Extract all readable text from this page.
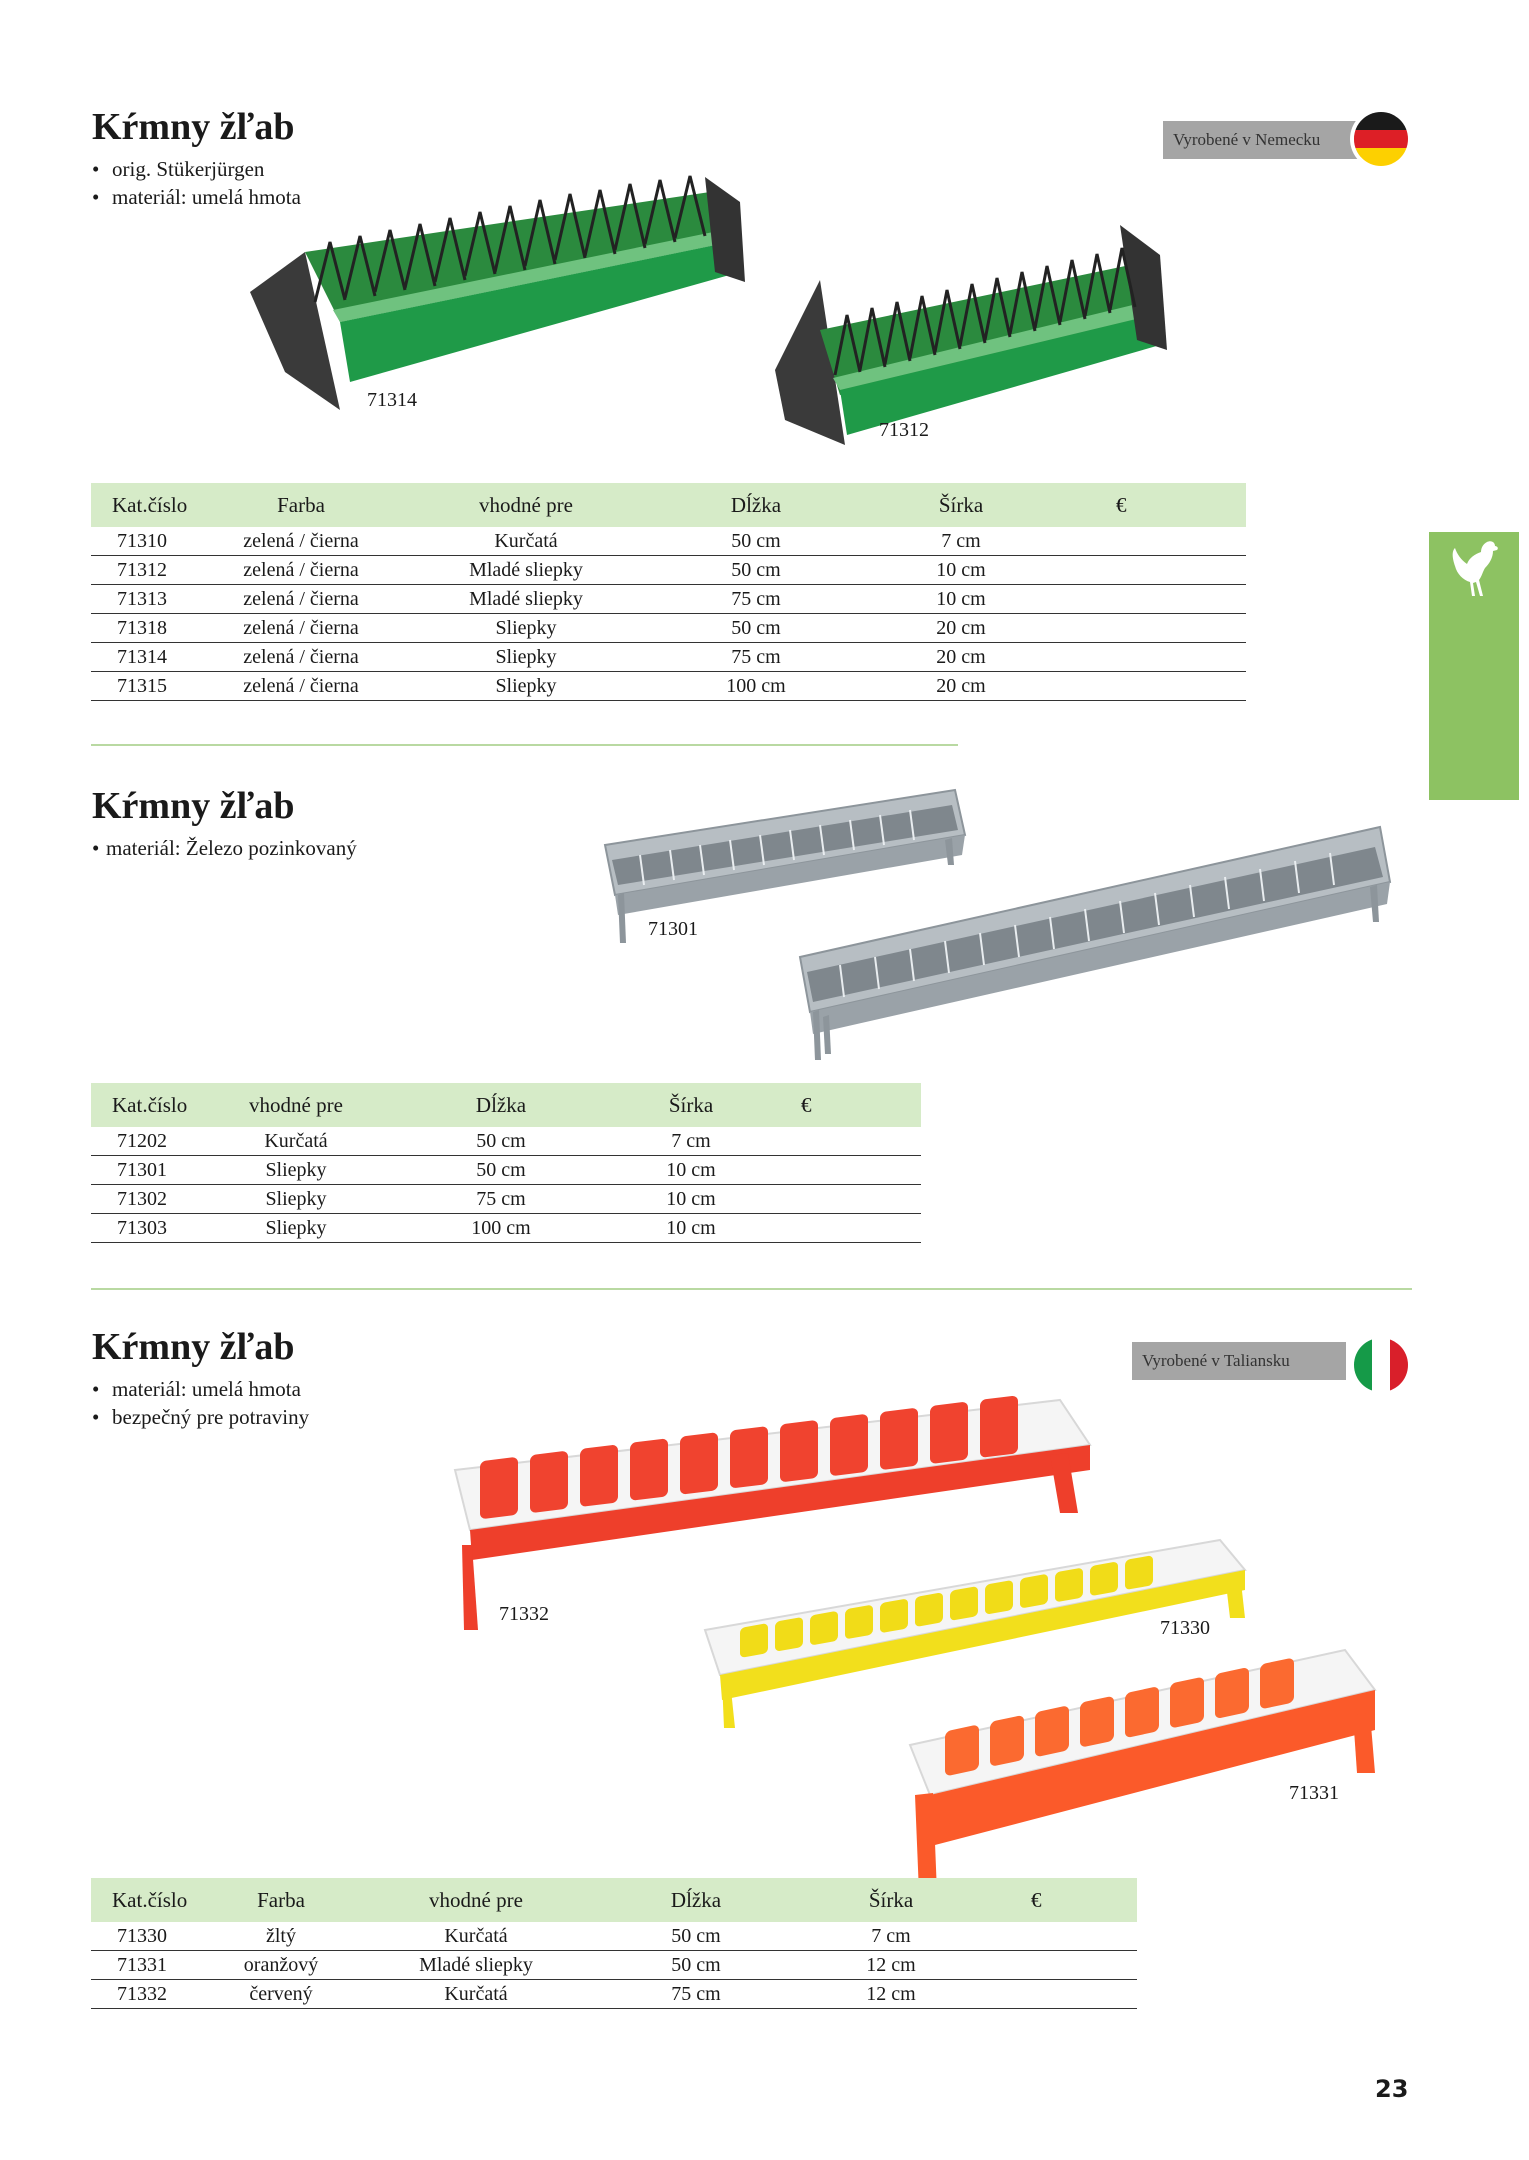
Kŕmny žľab
• orig. Stükerjürgen
• materiál: umelá hmota
Vyrobené v Nemecku
71314
71312
Kat.číslo	Farba	vhodné pre	Dĺžka	Šírka	€
71310	zelená / čierna	Kurčatá	50 cm	7 cm	
71312	zelená / čierna	Mladé sliepky	50 cm	10 cm	
71313	zelená / čierna	Mladé sliepky	75 cm	10 cm	
71318	zelená / čierna	Sliepky	50 cm	20 cm	
71314	zelená / čierna	Sliepky	75 cm	20 cm	
71315	zelená / čierna	Sliepky	100 cm	20 cm	
Kŕmny žľab
• materiál: Železo pozinkovaný
71301
Kat.číslo	vhodné pre	Dĺžka	Šírka	€
71202	Kurčatá	50 cm	7 cm	
71301	Sliepky	50 cm	10 cm	
71302	Sliepky	75 cm	10 cm	
71303	Sliepky	100 cm	10 cm	
Kŕmny žľab
• materiál: umelá hmota
• bezpečný pre potraviny
Vyrobené v Taliansku
71332
71330
71331
Kat.číslo	Farba	vhodné pre	Dĺžka	Šírka	€
71330	žltý	Kurčatá	50 cm	7 cm	
71331	oranžový	Mladé sliepky	50 cm	12 cm	
71332	červený	Kurčatá	75 cm	12 cm	
23
